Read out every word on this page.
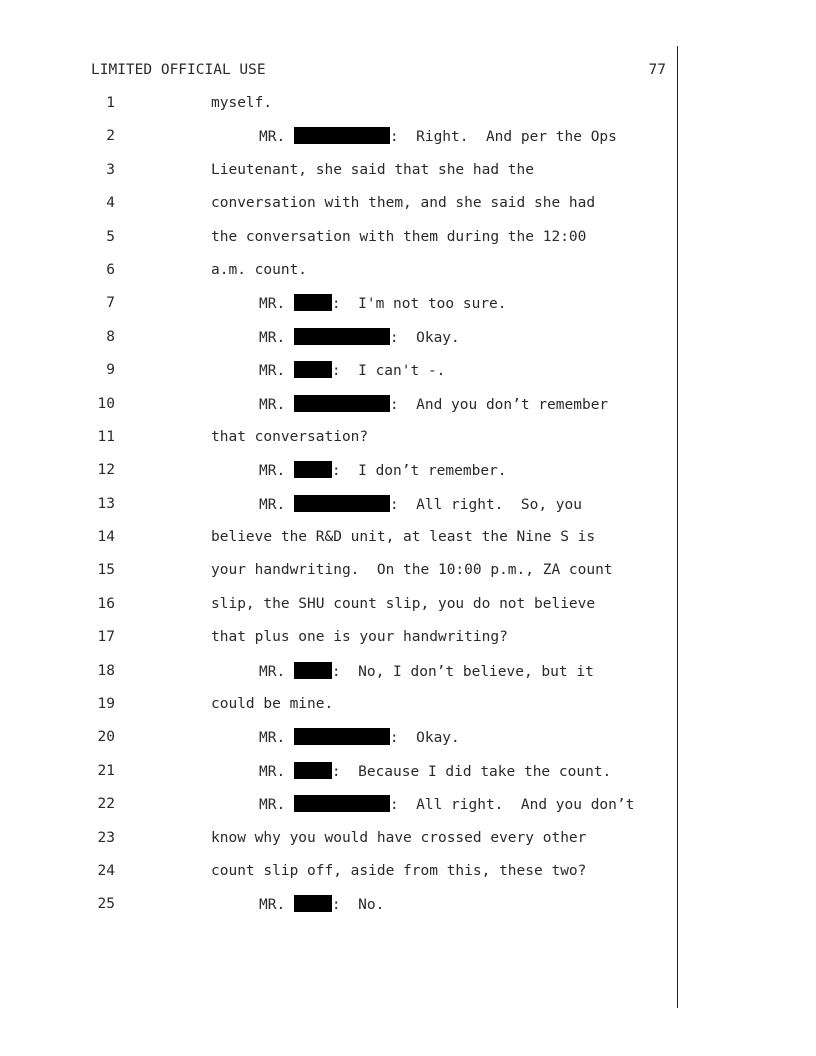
LIMITED OFFICIAL USE	77
1	myself.
2	MR.	:  Right.  And per the Ops
3	Lieutenant, she said that she had the
4	conversation with them, and she said she had
5	the conversation with them during the 12:00
6	a.m. count.
7	MR.	:  I'm not too sure.
8	MR.	:  Okay.
9	MR.	:  I can't -.
10	MR.	:  And you don’t remember
11	that conversation?
12	MR.	:  I don’t remember.
13	MR.	:  All right.  So, you
14	believe the R&D unit, at least the Nine S is
15	your handwriting.  On the 10:00 p.m., ZA count
16	slip, the SHU count slip, you do not believe
17	that plus one is your handwriting?
18	MR.	:  No, I don’t believe, but it
19	could be mine.
20	MR.	:  Okay.
21	MR.	:  Because I did take the count.
22	MR.	:  All right.  And you don’t
23	know why you would have crossed every other
24	count slip off, aside from this, these two?
25	MR.	:  No.
